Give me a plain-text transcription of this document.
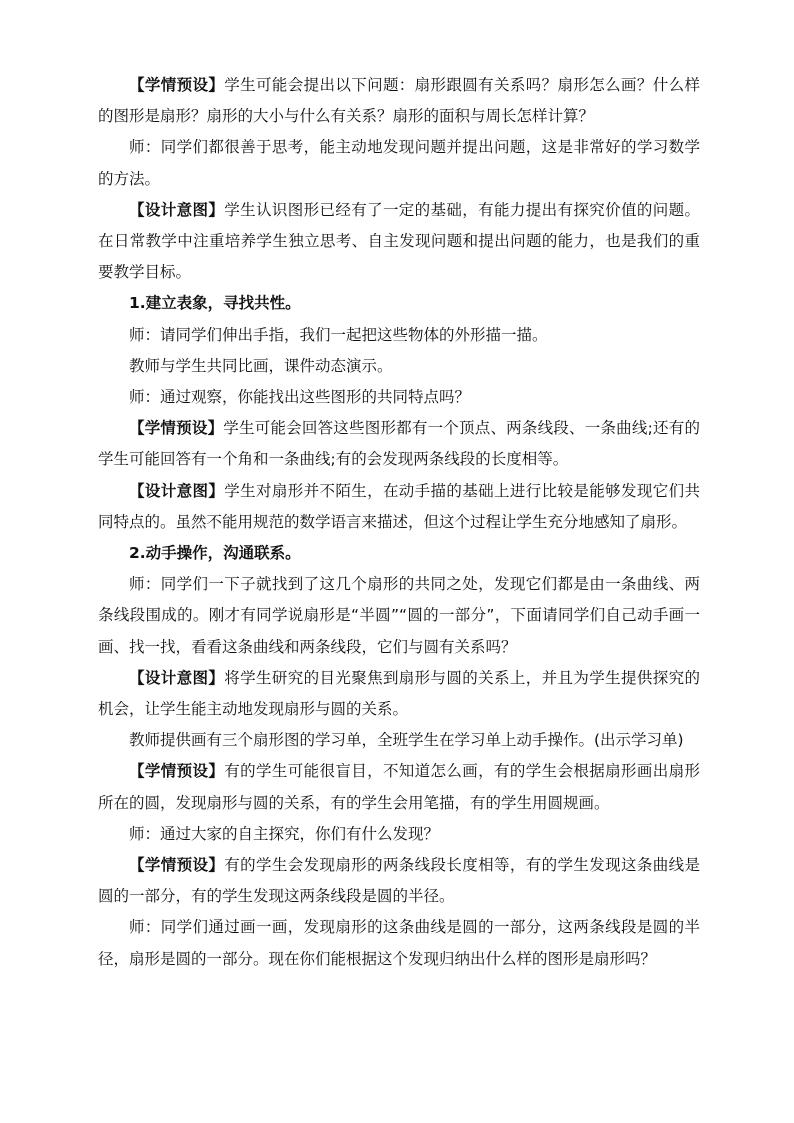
【学情预设】学生可能会提出以下问题：扇形跟圆有关系吗？扇形怎么画？什么样的图形是扇形？扇形的大小与什么有关系？扇形的面积与周长怎样计算？

师：同学们都很善于思考，能主动地发现问题并提出问题，这是非常好的学习数学的方法。

【设计意图】学生认识图形已经有了一定的基础，有能力提出有探究价值的问题。在日常教学中注重培养学生独立思考、自主发现问题和提出问题的能力，也是我们的重要教学目标。

1.建立表象，寻找共性。

师：请同学们伸出手指，我们一起把这些物体的外形描一描。

教师与学生共同比画，课件动态演示。

师：通过观察，你能找出这些图形的共同特点吗？

【学情预设】学生可能会回答这些图形都有一个顶点、两条线段、一条曲线;还有的学生可能回答有一个角和一条曲线;有的会发现两条线段的长度相等。

【设计意图】学生对扇形并不陌生，在动手描的基础上进行比较是能够发现它们共同特点的。虽然不能用规范的数学语言来描述，但这个过程让学生充分地感知了扇形。

2.动手操作，沟通联系。

师：同学们一下子就找到了这几个扇形的共同之处，发现它们都是由一条曲线、两条线段围成的。刚才有同学说扇形是“半圆”“圆的一部分”，下面请同学们自己动手画一画、找一找，看看这条曲线和两条线段，它们与圆有关系吗？

【设计意图】将学生研究的目光聚焦到扇形与圆的关系上，并且为学生提供探究的机会，让学生能主动地发现扇形与圆的关系。

教师提供画有三个扇形图的学习单，全班学生在学习单上动手操作。(出示学习单)

【学情预设】有的学生可能很盲目，不知道怎么画，有的学生会根据扇形画出扇形所在的圆，发现扇形与圆的关系，有的学生会用笔描，有的学生用圆规画。

师：通过大家的自主探究，你们有什么发现？

【学情预设】有的学生会发现扇形的两条线段长度相等，有的学生发现这条曲线是圆的一部分，有的学生发现这两条线段是圆的半径。

师：同学们通过画一画，发现扇形的这条曲线是圆的一部分，这两条线段是圆的半径，扇形是圆的一部分。现在你们能根据这个发现归纳出什么样的图形是扇形吗？
